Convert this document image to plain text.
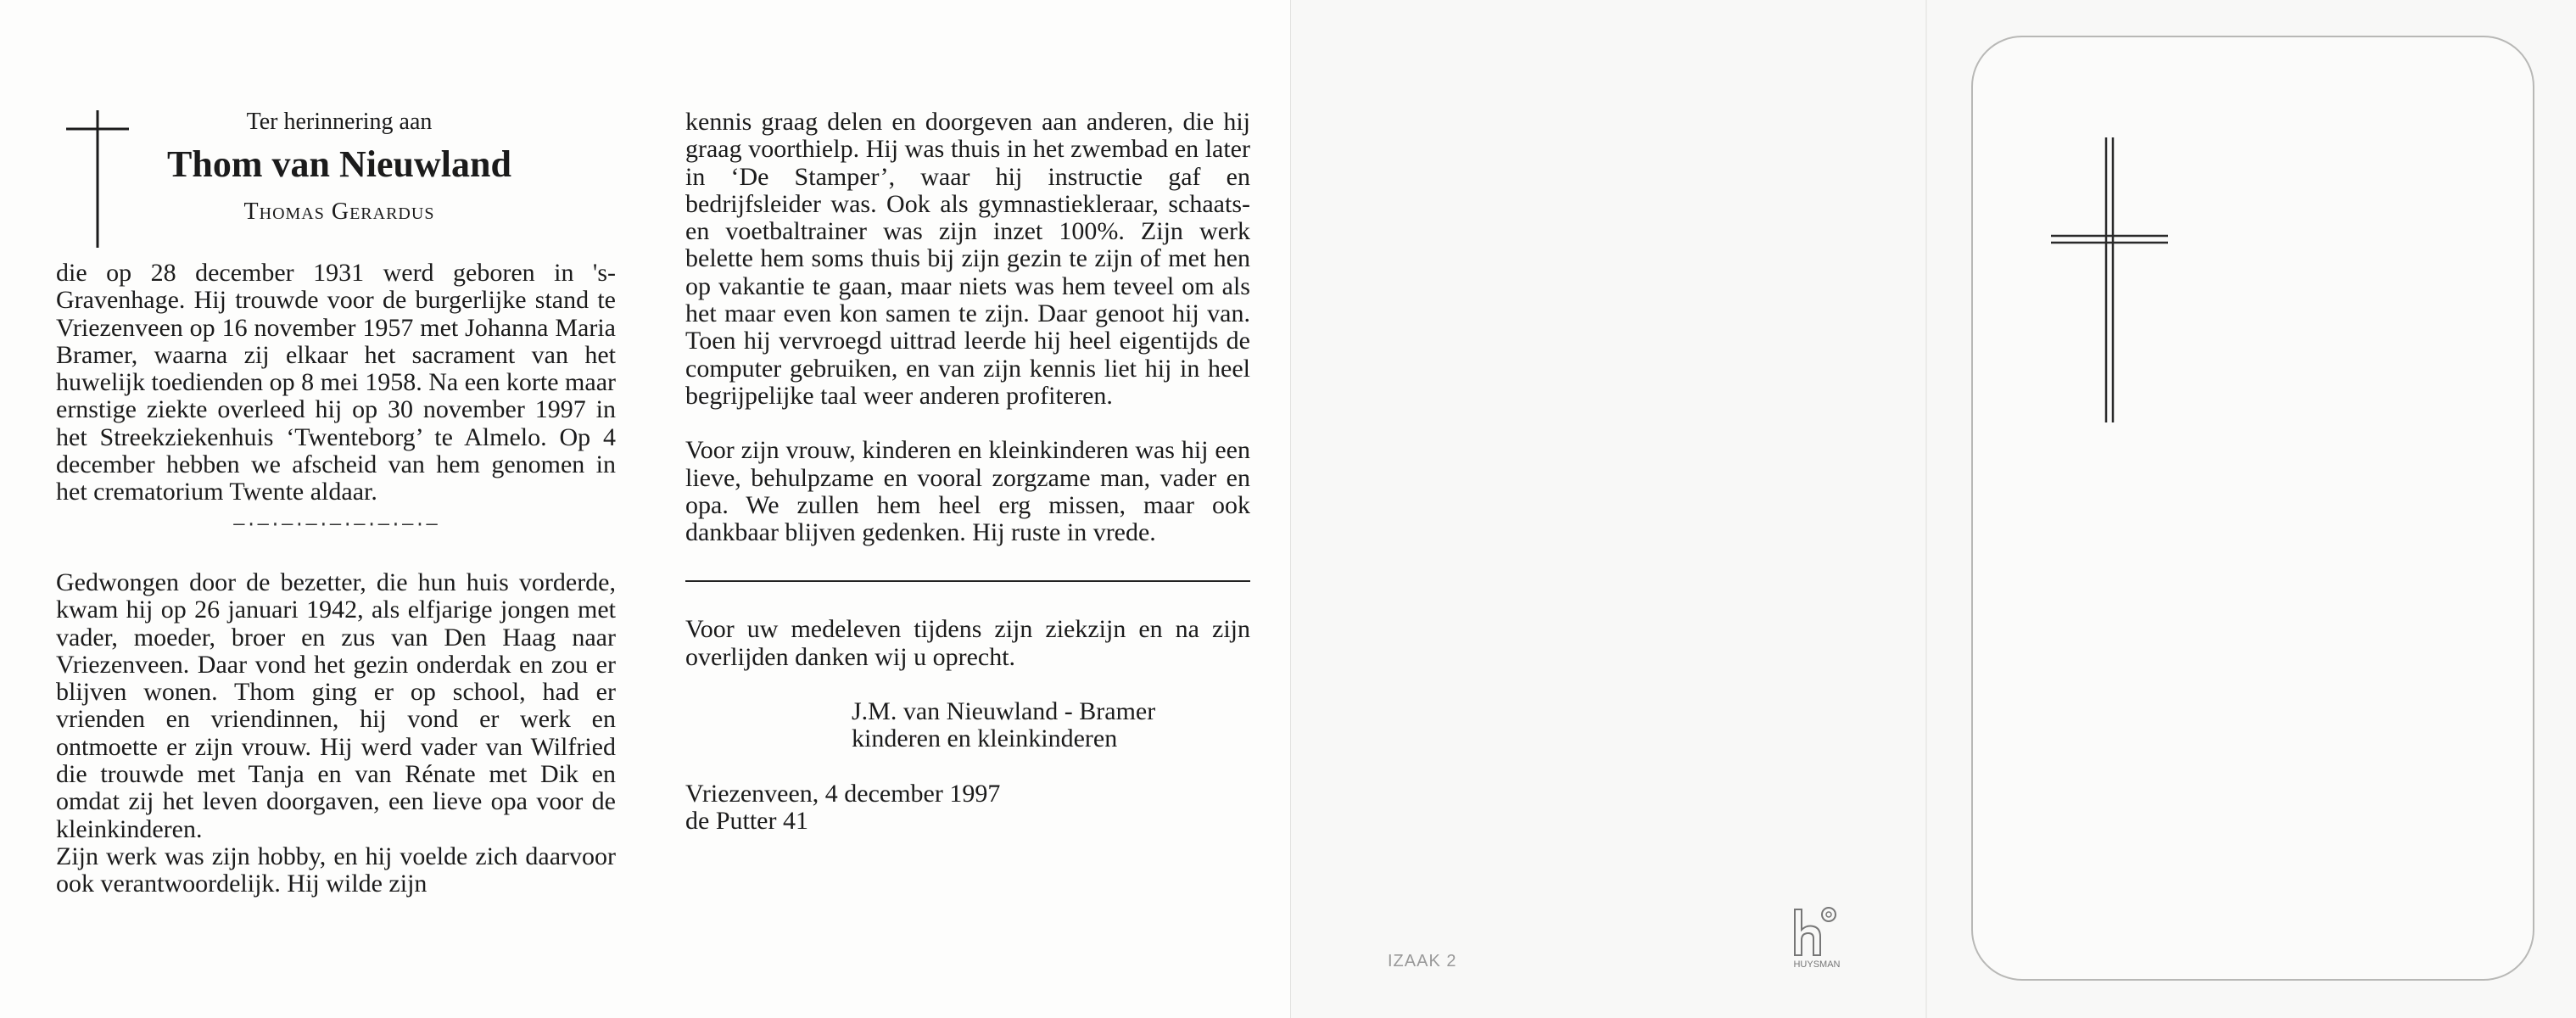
Ter herinnering aan
Thom van Nieuwland
Thomas Gerardus

die op 28 december 1931 werd geboren in 's-Gravenhage. Hij trouwde voor de burgerlijke stand te Vriezenveen op 16 november 1957 met Johanna Maria Bramer, waarna zij elkaar het sacrament van het huwelijk toedienden op 8 mei 1958. Na een korte maar ernstige ziekte overleed hij op 30 november 1997 in het Streekziekenhuis ‘Twenteborg’ te Almelo. Op 4 december hebben we afscheid van hem genomen in het crematorium Twente aldaar.

—·—·—·—·—·—·—·—·—

Gedwongen door de bezetter, die hun huis vorderde, kwam hij op 26 januari 1942, als elfjarige jongen met vader, moeder, broer en zus van Den Haag naar Vriezenveen. Daar vond het gezin onderdak en zou er blijven wonen. Thom ging er op school, had er vrienden en vriendinnen, hij vond er werk en ontmoette er zijn vrouw. Hij werd vader van Wilfried die trouwde met Tanja en van Rénate met Dik en omdat zij het leven doorgaven, een lieve opa voor de kleinkinderen.

Zijn werk was zijn hobby, en hij voelde zich daarvoor ook verantwoordelijk. Hij wilde zijn

kennis graag delen en doorgeven aan anderen, die hij graag voorthielp. Hij was thuis in het zwembad en later in ‘De Stamper’, waar hij instructie gaf en bedrijfsleider was. Ook als gymnastiekleraar, schaats- en voetbaltrainer was zijn inzet 100%. Zijn werk belette hem soms thuis bij zijn gezin te zijn of met hen op vakantie te gaan, maar niets was hem teveel om als het maar even kon samen te zijn. Daar genoot hij van. Toen hij vervroegd uittrad leerde hij heel eigentijds de computer gebruiken, en van zijn kennis liet hij in heel begrijpelijke taal weer anderen profiteren.

Voor zijn vrouw, kinderen en kleinkinderen was hij een lieve, behulpzame en vooral zorgzame man, vader en opa. We zullen hem heel erg missen, maar ook dankbaar blijven gedenken. Hij ruste in vrede.

Voor uw medeleven tijdens zijn ziekzijn en na zijn overlijden danken wij u oprecht.

J.M. van Nieuwland - Bramer
kinderen en kleinkinderen
Vriezenveen, 4 december 1997
de Putter 41
IZAAK 2	HUYSMAN
